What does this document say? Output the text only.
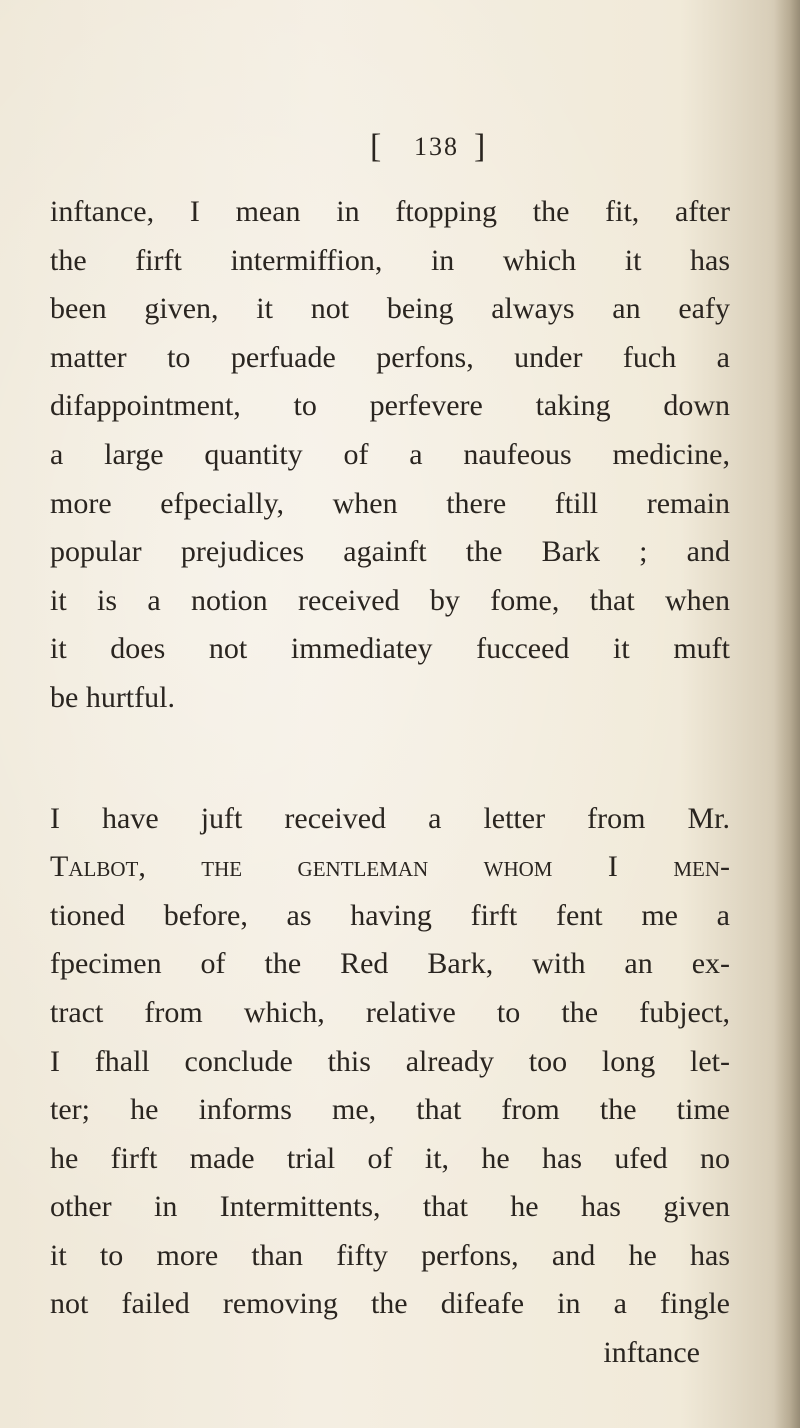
[ 138 ]
inftance, I mean in ftopping the fit, after
the firft intermiffion, in which it has
been given, it not being always an eafy
matter to perfuade perfons, under fuch a
difappointment, to perfevere taking down
a large quantity of a naufeous medicine,
more efpecially, when there ftill remain
popular prejudices againft the Bark ; and
it is a notion received by fome, that when
it does not immediatey fucceed it muft
be hurtful.
I have juft received a letter from Mr.
Talbot, the gentleman whom I men-
tioned before, as having firft fent me a
fpecimen of the Red Bark, with an ex-
tract from which, relative to the fubject,
I fhall conclude this already too long let-
ter; he informs me, that from the time
he firft made trial of it, he has ufed no
other in Intermittents, that he has given
it to more than fifty perfons, and he has
not failed removing the difeafe in a fingle
inftance
